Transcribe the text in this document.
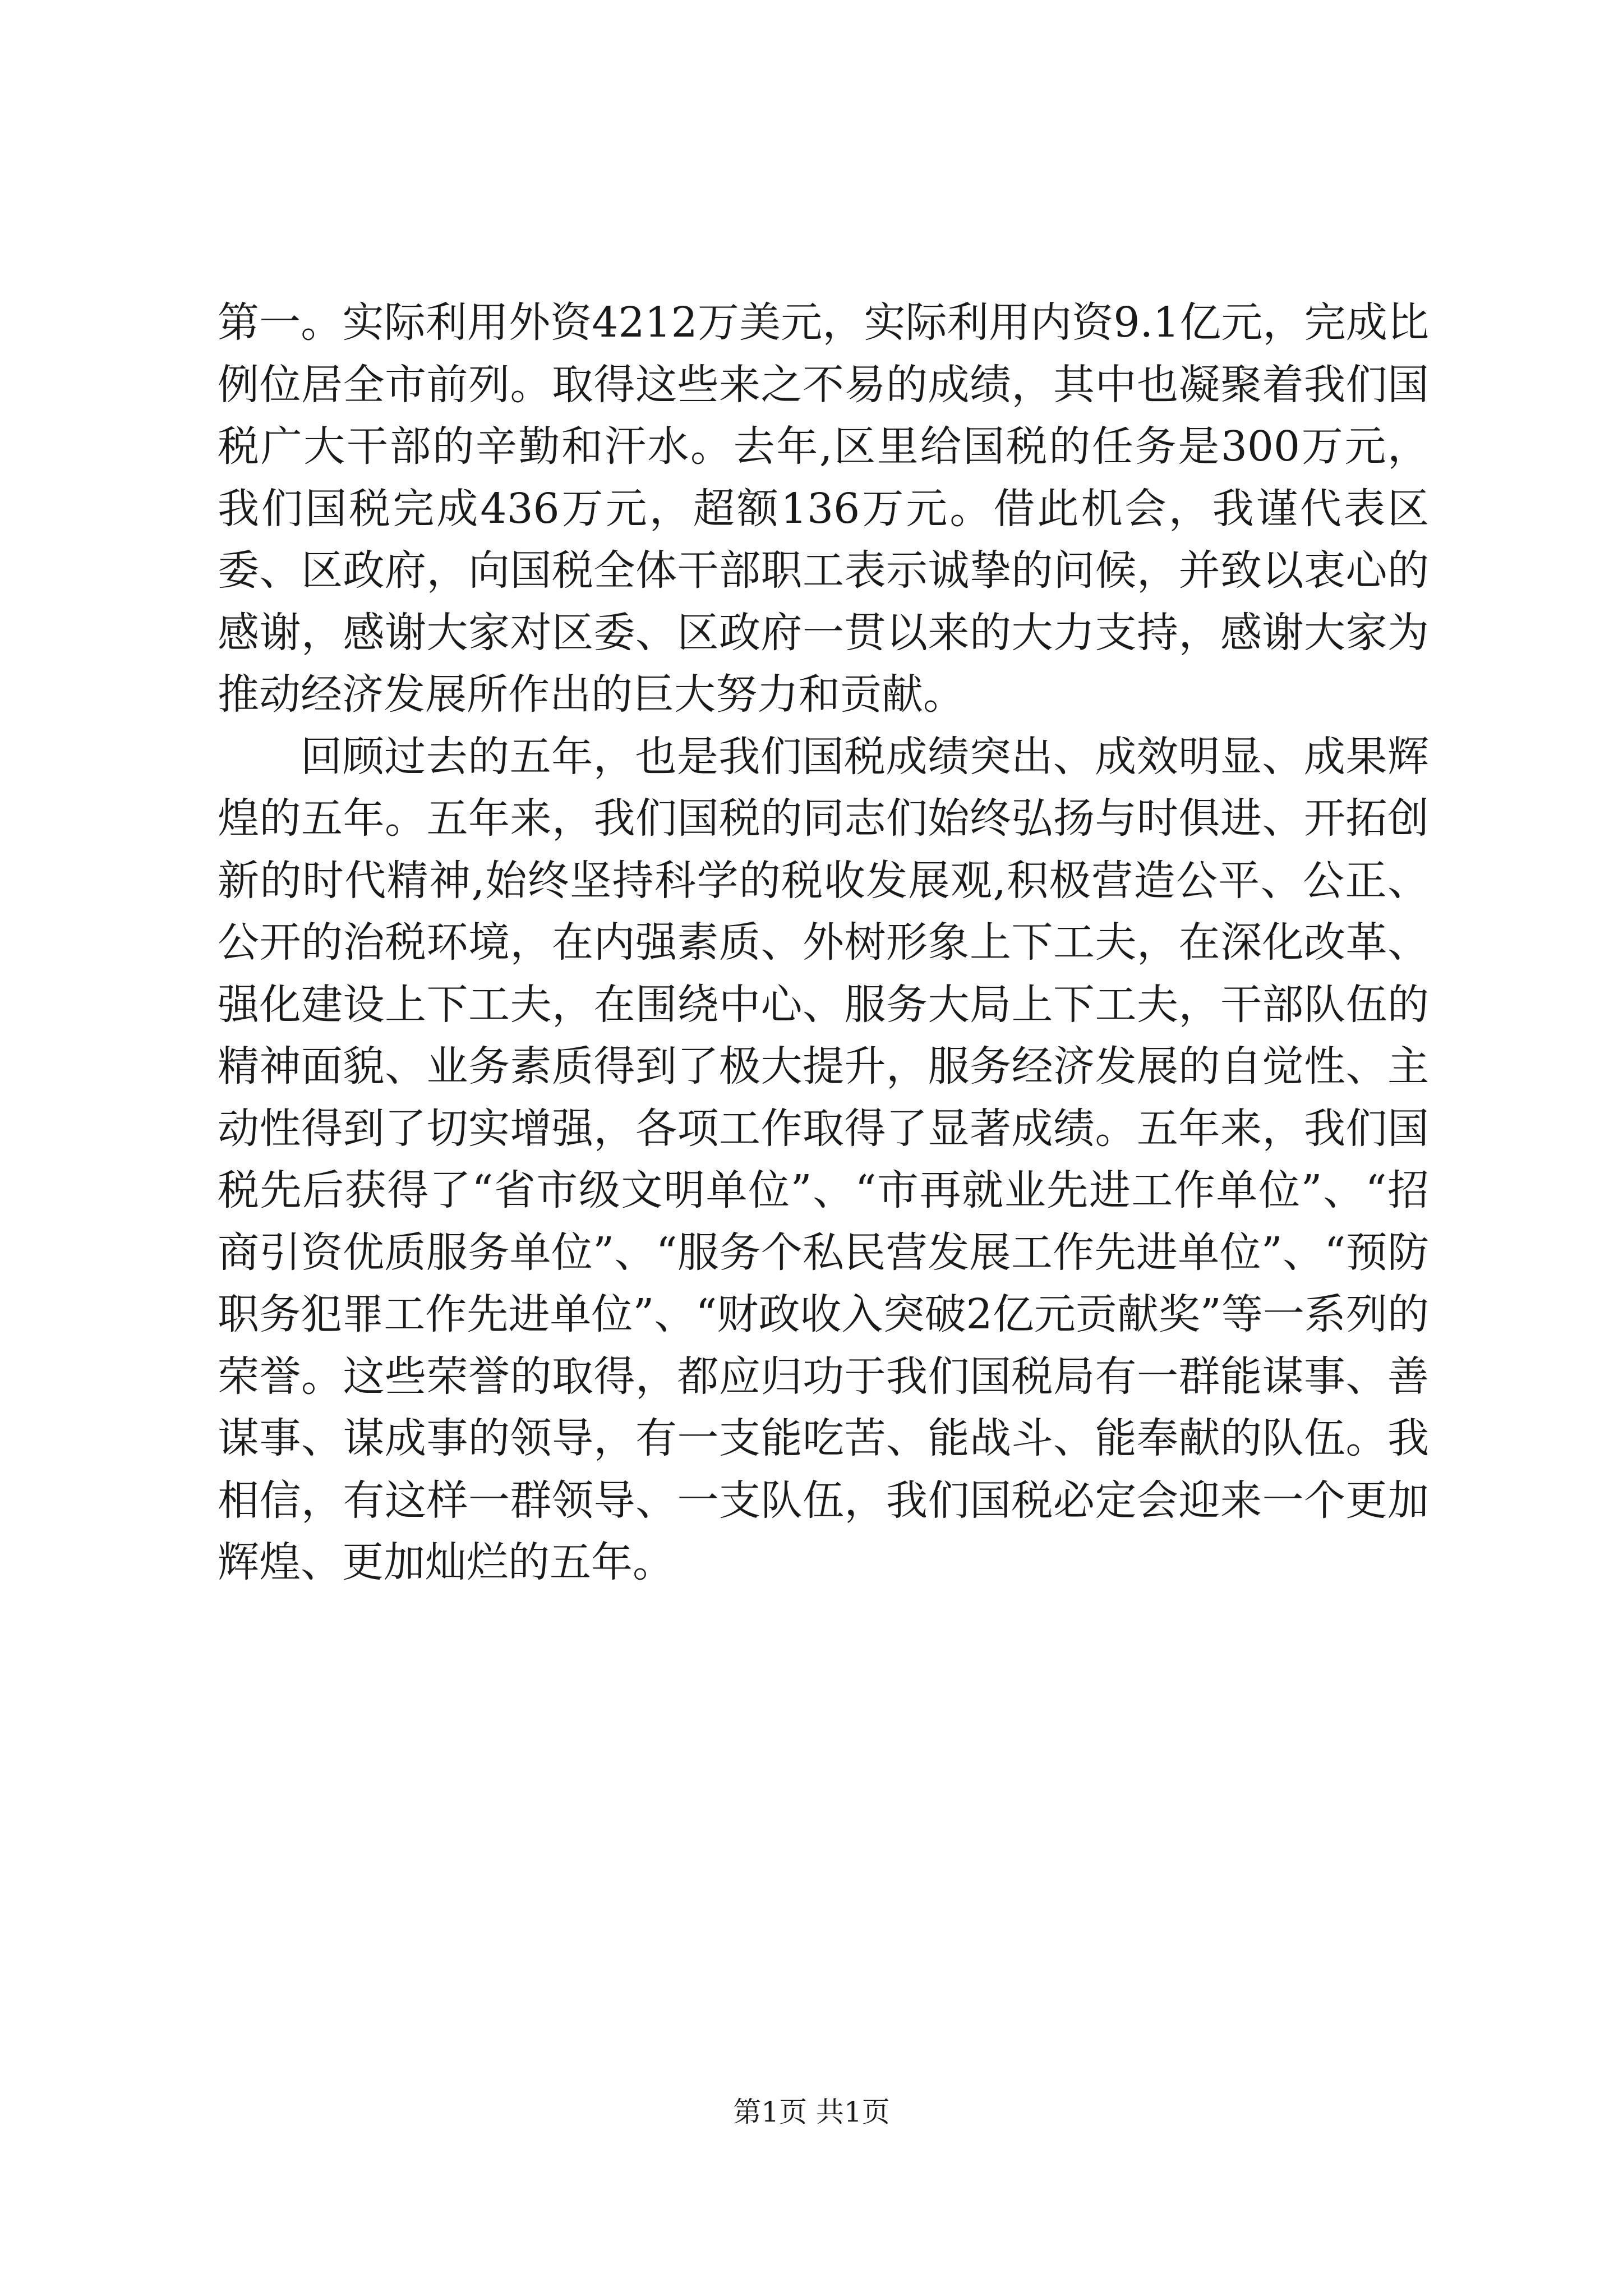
第一。实际利用外资4212万美元，实际利用内资9.1亿元，完成比例位居全市前列。取得这些来之不易的成绩，其中也凝聚着我们国税广大干部的辛勤和汗水。去年,区里给国税的任务是300万元，我们国税完成436万元，超额136万元。借此机会，我谨代表区委、区政府，向国税全体干部职工表示诚挚的问候，并致以衷心的感谢，感谢大家对区委、区政府一贯以来的大力支持，感谢大家为推动经济发展所作出的巨大努力和贡献。

回顾过去的五年，也是我们国税成绩突出、成效明显、成果辉煌的五年。五年来，我们国税的同志们始终弘扬与时俱进、开拓创新的时代精神,始终坚持科学的税收发展观,积极营造公平、公正、公开的治税环境，在内强素质、外树形象上下工夫，在深化改革、强化建设上下工夫，在围绕中心、服务大局上下工夫，干部队伍的精神面貌、业务素质得到了极大提升，服务经济发展的自觉性、主动性得到了切实增强，各项工作取得了显著成绩。五年来，我们国税先后获得了“省市级文明单位”、“市再就业先进工作单位”、“招商引资优质服务单位”、“服务个私民营发展工作先进单位”、“预防职务犯罪工作先进单位”、“财政收入突破2亿元贡献奖”等一系列的荣誉。这些荣誉的取得，都应归功于我们国税局有一群能谋事、善谋事、谋成事的领导，有一支能吃苦、能战斗、能奉献的队伍。我相信，有这样一群领导、一支队伍，我们国税必定会迎来一个更加辉煌、更加灿烂的五年。

第1页 共1页
